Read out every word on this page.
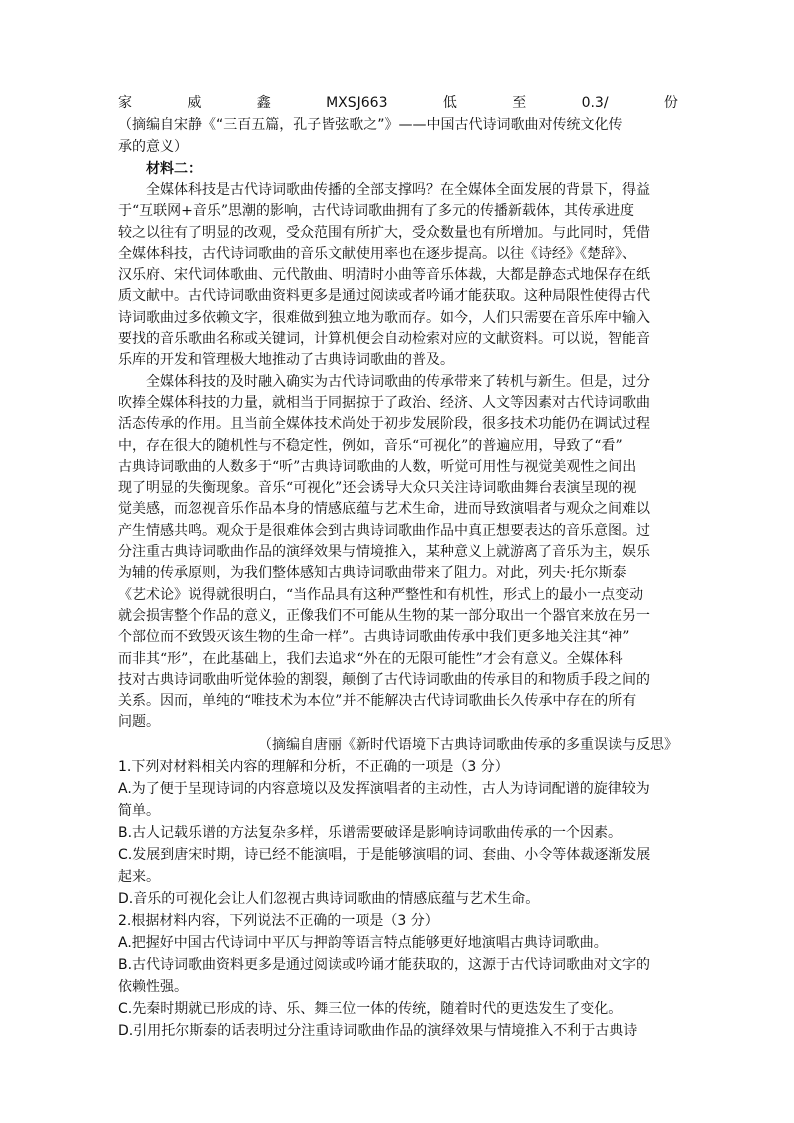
家	威	鑫	MXSJ663	低	至	0.3/	份
（摘编自宋静《“三百五篇，孔子皆弦歌之”》——中国古代诗词歌曲对传统文化传
承的意义）
材料二：
全媒体科技是古代诗词歌曲传播的全部支撑吗？在全媒体全面发展的背景下，得益
于“互联网+音乐”思潮的影响，古代诗词歌曲拥有了多元的传播新载体，其传承进度
较之以往有了明显的改观，受众范围有所扩大，受众数量也有所增加。与此同时，凭借
全媒体科技，古代诗词歌曲的音乐文献使用率也在逐步提高。以往《诗经》《楚辞》、
汉乐府、宋代词体歌曲、元代散曲、明清时小曲等音乐体裁，大都是静态式地保存在纸
质文献中。古代诗词歌曲资料更多是通过阅读或者吟诵才能获取。这种局限性使得古代
诗词歌曲过多依赖文字，很难做到独立地为歌而存。如今，人们只需要在音乐库中输入
要找的音乐歌曲名称或关键词，计算机便会自动检索对应的文献资料。可以说，智能音
乐库的开发和管理极大地推动了古典诗词歌曲的普及。
全媒体科技的及时融入确实为古代诗词歌曲的传承带来了转机与新生。但是，过分
吹捧全媒体科技的力量，就相当于同据掠于了政治、经济、人文等因素对古代诗词歌曲
活态传承的作用。且当前全媒体技术尚处于初步发展阶段，很多技术功能仍在调试过程
中，存在很大的随机性与不稳定性，例如，音乐“可视化”的普遍应用，导致了“看”
古典诗词歌曲的人数多于“听”古典诗词歌曲的人数，听觉可用性与视觉美观性之间出
现了明显的失衡现象。音乐“可视化”还会诱导大众只关注诗词歌曲舞台表演呈现的视
觉美感，而忽视音乐作品本身的情感底蕴与艺术生命，进而导致演唱者与观众之间难以
产生情感共鸣。观众于是很难体会到古典诗词歌曲作品中真正想要表达的音乐意图。过
分注重古典诗词歌曲作品的演绎效果与情境推入，某种意义上就游离了音乐为主，娱乐
为辅的传承原则，为我们整体感知古典诗词歌曲带来了阻力。对此，列夫·托尔斯泰
《艺术论》说得就很明白，“当作品具有这种严整性和有机性，形式上的最小一点变动
就会损害整个作品的意义，正像我们不可能从生物的某一部分取出一个器官来放在另一
个部位而不致毁灭该生物的生命一样”。古典诗词歌曲传承中我们更多地关注其“神”
而非其“形”，在此基础上，我们去追求“外在的无限可能性”才会有意义。全媒体科
技对古典诗词歌曲听觉体验的割裂，颠倒了古代诗词歌曲的传承目的和物质手段之间的
关系。因而，单纯的“唯技术为本位”并不能解决古代诗词歌曲长久传承中存在的所有
问题。
（摘编自唐丽《新时代语境下古典诗词歌曲传承的多重误读与反思》
1.下列对材料相关内容的理解和分析，不正确的一项是（3 分）
A.为了便于呈现诗词的内容意境以及发挥演唱者的主动性，古人为诗词配谱的旋律较为
简单。
B.古人记载乐谱的方法复杂多样，乐谱需要破译是影响诗词歌曲传承的一个因素。
C.发展到唐宋时期，诗已经不能演唱，于是能够演唱的词、套曲、小令等体裁逐渐发展
起来。
D.音乐的可视化会让人们忽视古典诗词歌曲的情感底蕴与艺术生命。
2.根据材料内容，下列说法不正确的一项是（3 分）
A.把握好中国古代诗词中平仄与押韵等语言特点能够更好地演唱古典诗词歌曲。
B.古代诗词歌曲资料更多是通过阅读或吟诵才能获取的，这源于古代诗词歌曲对文字的
依赖性强。
C.先秦时期就已形成的诗、乐、舞三位一体的传统，随着时代的更迭发生了变化。
D.引用托尔斯泰的话表明过分注重诗词歌曲作品的演绎效果与情境推入不利于古典诗
